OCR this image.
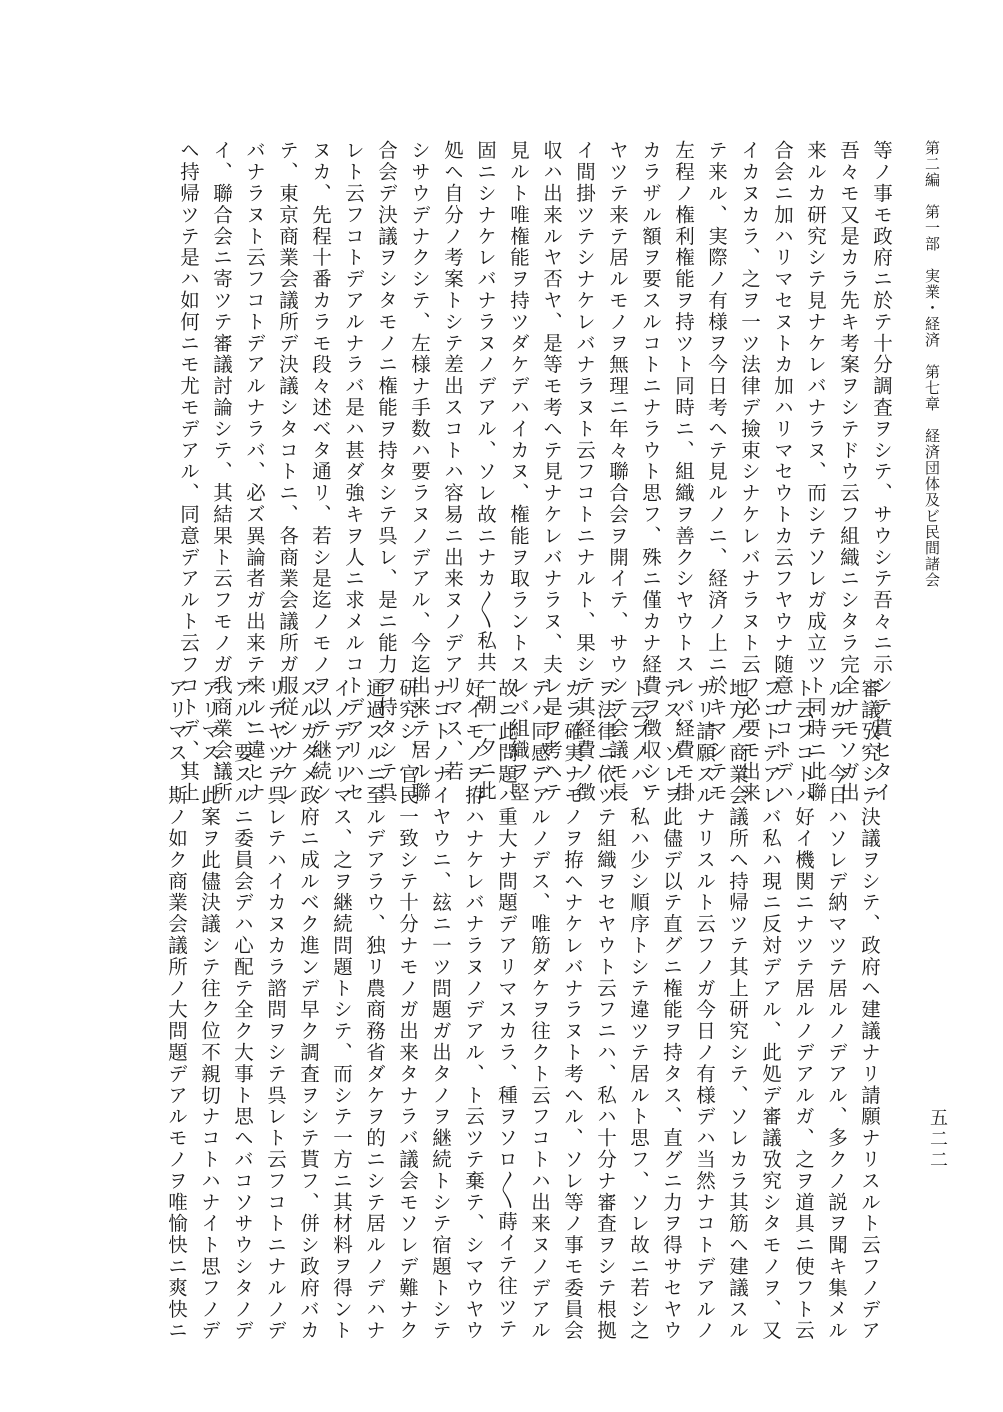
第二編　第一部　実業・経済　第七章　経済団体及ビ民間諸会
五二二
等ノ事モ政府ニ於テ十分調査ヲシテ、サウシテ吾々ニ示シテ貰ヒタイ
吾々モ又是カラ先キ考案ヲシテドウ云フ組織ニシタラ完全ナモノガ出
来ルカ研究シテ見ナケレバナラヌ、而シテソレガ成立ツト同時ニ此聯
合会ニ加ハリマセヌトカ加ハリマセウトカ云フヤウナ随意ナコトデハ
イカヌカラ、之ヲ一ツ法律デ撿束シナケレバナラヌト云フ必要モ出来
テ来ル、実際ノ有様ヲ今日考ヘテ見ルノニ、経済ノ上ニ於キマシテモ
左程ノ権利権能ヲ持ツト同時ニ、組織ヲ善クシヤウトスレバ経費モ掛
カラザル額ヲ要スルコトニナラウト思フ、殊ニ僅カナ経費ヲ徴収シテ
ヤツテ来テ居ルモノヲ無理ニ年々聯合会ヲ開イテ、サウシテ会議モ長
イ間掛ツテシナケレバナラヌト云フコトニナルト、果シテ其経費ノ徴
収ハ出来ルヤ否ヤ、是等モ考ヘテ見ナケレバナラヌ、夫レ是ヲ考ヘテ
見ルト唯権能ヲ持ツダケデハイカヌ、権能ヲ取ラントスレバ組織ヲ堅
固ニシナケレバナラヌノデアル、ソレ故ニナカ〳〵私共一朝一夕ニ此
処ヘ自分ノ考案トシテ差出スコトハ容易ニ出来ヌノデアリマス、若
シサウデナクシテ、左様ナ手数ハ要ラヌノデアル、今迄出来テ居ル聯
合会デ決議ヲシタモノニ権能ヲ持タシテ呉レ、是ニ能力ヲ持タシテ呉
レト云フコトデアルナラバ是ハ甚ダ強キヲ人ニ求メルコトデアリハセ
ヌカ、先程十番カラモ段々述ベタ通リ、若シ是迄ノモノヲ以テ継続シ
テ、東京商業会議所デ決議シタコトニ、各商業会議所ガ服従シナケレ
バナラヌト云フコトデアルナラバ、必ズ異論者ガ出来テ来ルニ違ヒナ
イ、聯合会ニ寄ツテ審議討論シテ、其結果ト云フモノガ我商業会議所
ヘ持帰ツテ是ハ如何ニモ尤モデアル、同意デアルト云フコトデ、其上
審議攷究シテ決議ヲシテ、政府ヘ建議ナリ請願ナリスルト云フノデア
ルカラ、今日ハソレデ納マツテ居ルノデアル、多クノ説ヲ聞キ集メル
ト云フコトハ好イ機関ニナツテ居ルノデアルガ、之ヲ道具ニ使フト云
フコトデアレバ私ハ現ニ反対デアル、此処デ審議攷究シタモノヲ、又
地方ノ商業会議所ヘ持帰ツテ其上研究シテ、ソレカラ其筋ヘ建議スル
ナリ請願スルナリスルト云フノガ今日ノ有様デハ当然ナコトデアルノ
デス、ソレヲ此儘デ以テ直グニ権能ヲ持タス、直グニ力ヲ得サセヤウ
ト云フノハ、私ハ少シ順序トシテ違ツテ居ルト思フ、ソレ故ニ若シ之
ヲ法律ニ依ツテ組織ヲセヤウト云フニハ、私ハ十分ナ審査ヲシテ根拠
カラ確実ナモノヲ拵ヘナケレバナラヌト考ヘル、ソレ等ノ事モ委員会
デハ同感デアルノデス、唯筋ダケヲ往クト云フコトハ出来ヌノデアル
故ニ此問題ハ重大ナ問題デアリマスカラ、種ヲソロ〳〵蒔イテ往ツテ
好イモノヲ拵ハナケレバナラヌノデアル、ト云ツテ棄テ、シマウヤウ
ナコトノナイヤウニ、玆ニ一ツ問題ガ出タノヲ継続トシテ宿題トシテ
研究シ、官民一致シテ十分ナモノガ出来タナラバ議会モソレデ難ナク
通過スルニ至ルデアラウ、独リ農商務省ダケヲ的ニシテ居ルノデハナ
イノデアリマス、之ヲ継続問題トシテ、而シテ一方ニ其材料ヲ得ント
スルガタメ政府ニ成ルベク進ンデ早ク調査ヲシテ貰フ、併シ政府バカ
リデヤツテ呉レテハイカヌカラ諮問ヲシテ呉レト云フコトニナルノデ
アル、要スルニ委員会デハ心配テ全ク大事ト思ヘバコソサウシタノデ
アリマス、此案ヲ此儘決議シテ往ク位不親切ナコトハナイト思フノデ
アリマス、斯ノ如ク商業会議所ノ大問題デアルモノヲ唯愉快ニ爽快ニ
